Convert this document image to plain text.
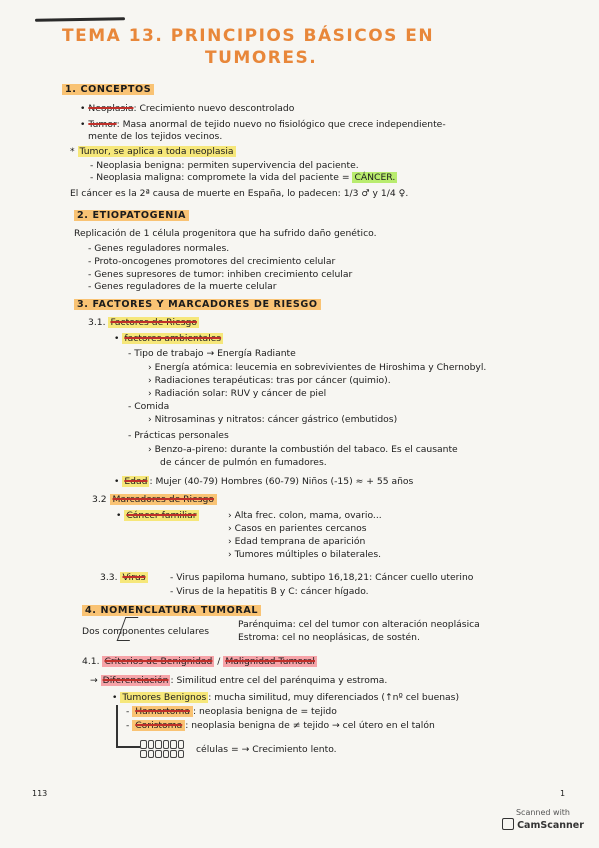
TEMA 13. PRINCIPIOS BÁSICOS EN
TUMORES.
1. CONCEPTOS
• Neoplasia: Crecimiento nuevo descontrolado
• Tumor: Masa anormal de tejido nuevo no fisiológico que crece independiente-
mente de los tejidos vecinos.
* Tumor, se aplica a toda neoplasia
- Neoplasia benigna: permiten supervivencia del paciente.
- Neoplasia maligna: compromete la vida del paciente = CÁNCER.
El cáncer es la 2ª causa de muerte en España, lo padecen: 1/3 ♂ y 1/4 ♀.
2. ETIOPATOGENIA
Replicación de 1 célula progenitora que ha sufrido daño genético.
- Genes reguladores normales.
- Proto-oncogenes promotores del crecimiento celular
- Genes supresores de tumor: inhiben crecimiento celular
- Genes reguladores de la muerte celular
3. FACTORES Y MARCADORES DE RIESGO
3.1. Factores de Riesgo
• factores ambientales
- Tipo de trabajo → Energía Radiante
› Energía atómica: leucemia en sobrevivientes de Hiroshima y Chernobyl.
› Radiaciones terapéuticas: tras por cáncer (quimio).
› Radiación solar: RUV y cáncer de piel
- Comida
› Nitrosaminas y nitratos: cáncer gástrico (embutidos)
- Prácticas personales
› Benzo-a-pireno: durante la combustión del tabaco. Es el causante
de cáncer de pulmón en fumadores.
• Edad : Mujer (40-79) Hombres (60-79) Niños (-15) ≈ + 55 años
3.2 Marcadores de Riesgo
• Cáncer familiar	› Alta frec. colon, mama, ovario...
› Casos en parientes cercanos
› Edad temprana de aparición
› Tumores múltiples o bilaterales.
3.3. Virus	- Virus papiloma humano, subtipo 16,18,21: Cáncer cuello uterino
- Virus de la hepatitis B y C: cáncer hígado.
4. NOMENCLATURA TUMORAL
Dos componentes celulares
Parénquima: cel del tumor con alteración neoplásica
Estroma: cel no neoplásicas, de sostén.
4.1. Criterios de Benignidad / Malignidad Tumoral
→ Diferenciación : Similitud entre cel del parénquima y estroma.
• Tumores Benignos : mucha similitud, muy diferenciados (↑nº cel buenas)
- Hamartoma : neoplasia benigna de = tejido
- Coristoma : neoplasia benigna de ≠ tejido → cel útero en el talón
células = → Crecimiento lento.
113	1
Scanned with
CamScanner
